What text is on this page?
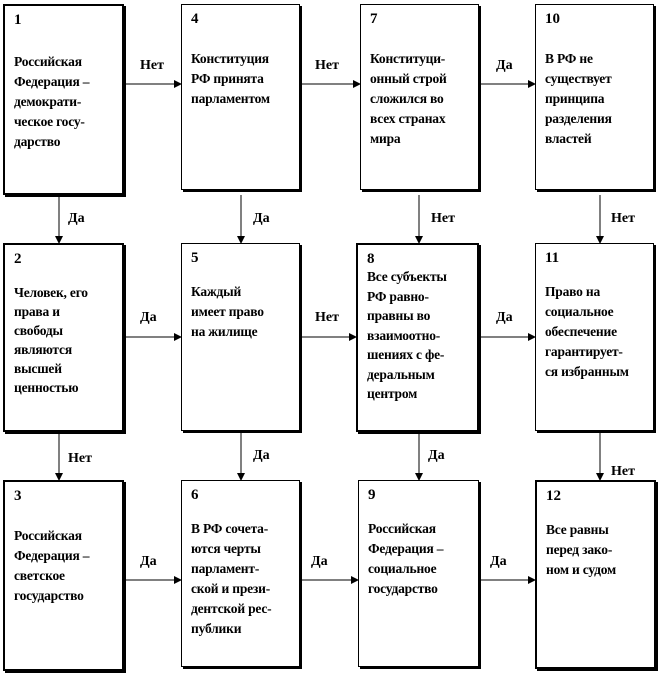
1
Российская
Федерация –
демократи-
ческое госу-
дарство
4
Конституция
РФ принята
парламентом
7
Конституци-
онный строй
сложился во
всех странах
мира
10
В РФ не
существует
принципа
разделения
властей
2
Человек, его
права и
свободы
являются
высшей
ценностью
5
Каждый
имеет право
на жилище
8
Все субъекты
РФ равно-
правны во
взаимоотно-
шениях с фе-
деральным
центром
11
Право на
социальное
обеспечение
гарантирует-
ся избранным
3
Российская
Федерация –
светское
государство
6
В РФ сочета-
ются черты
парламент-
ской и прези-
дентской рес-
публики
9
Российская
Федерация –
социальное
государство
12
Все равны
перед зако-
ном и судом
Нет	Нет	Да
Да	Да	Нет	Нет
Да	Нет	Да
Нет	Да	Да
Нет
Да	Да	Да
